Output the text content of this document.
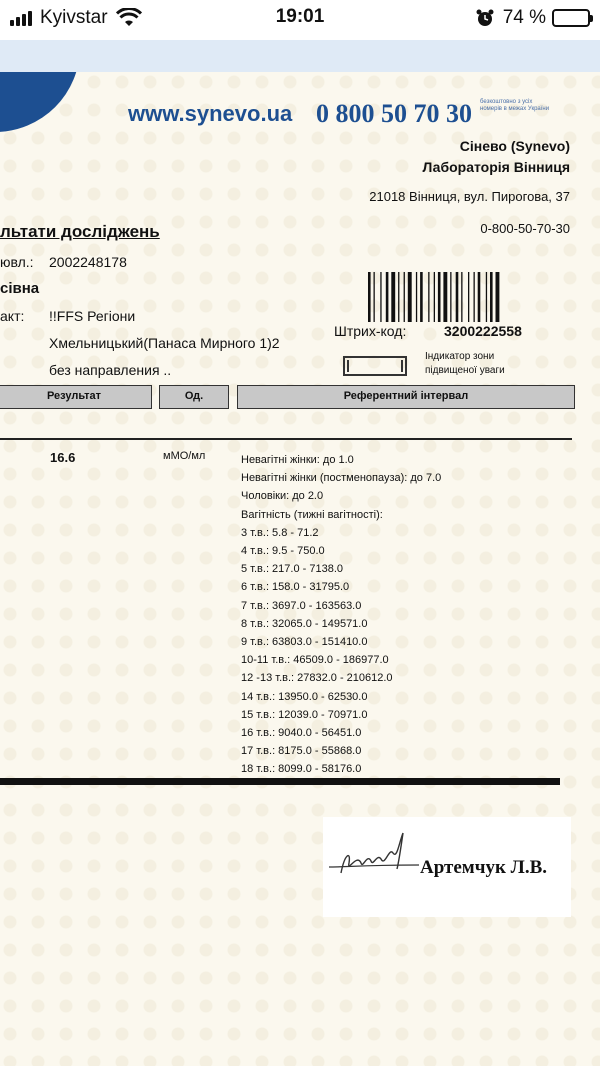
Kyivstar	19:01	74 %
www.synevo.ua 0 800 50 70 30 безкоштовно з усіх номерів в межах України
Сінево (Synevo)
Лабораторія Вінниця
21018 Вінниця, вул. Пирогова, 37
0-800-50-70-30
льтати досліджень
ювл.: 2002248178
сівна
акт: !!FFS Регіони
Хмельницький(Панаса Мирного 1)2
без направления ..
Штрих-код:	3200222558
Індикатор зони
підвищеної уваги
Результат	Од.	Референтний інтервал
16.6	мМО/мл	Невагітні жінки: до 1.0
Невагітні жінки (постменопауза): до 7.0
Чоловіки: до 2.0
Вагітність (тижні вагітності):
3 т.в.: 5.8 - 71.2
4 т.в.: 9.5 - 750.0
5 т.в.: 217.0 - 7138.0
6 т.в.: 158.0 - 31795.0
7 т.в.: 3697.0 - 163563.0
8 т.в.: 32065.0 - 149571.0
9 т.в.: 63803.0 - 151410.0
10-11 т.в.: 46509.0 - 186977.0
12 -13 т.в.: 27832.0 - 210612.0
14 т.в.: 13950.0 - 62530.0
15 т.в.: 12039.0 - 70971.0
16 т.в.: 9040.0 - 56451.0
17 т.в.: 8175.0 - 55868.0
18 т.в.: 8099.0 - 58176.0
Артемчук Л.В.
